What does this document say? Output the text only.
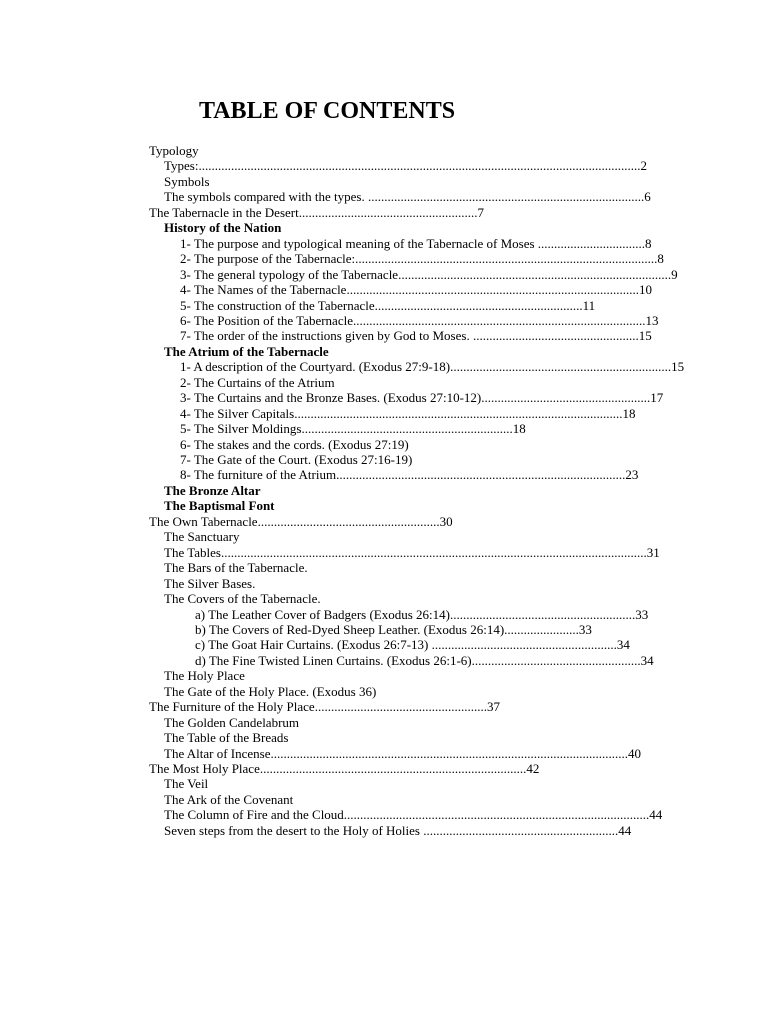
TABLE OF CONTENTS
Typology
Types:........................................................................................................................................2
Symbols
The symbols compared with the types. .....................................................................................6
The Tabernacle in the Desert.......................................................7
History of the Nation
1- The purpose and typological meaning of the Tabernacle of Moses .................................8
2- The purpose of the Tabernacle:.............................................................................................8
3- The general typology of the Tabernacle....................................................................................9
4- The Names of the Tabernacle..........................................................................................10
5- The construction of the Tabernacle................................................................11
6- The Position of the Tabernacle..........................................................................................13
7- The order of the instructions given by God to Moses. ...................................................15
The Atrium of the Tabernacle
1- A description of the Courtyard. (Exodus 27:9-18)....................................................................15
2- The Curtains of the Atrium
3- The Curtains and the Bronze Bases. (Exodus 27:10-12)....................................................17
4- The Silver Capitals.....................................................................................................18
5- The Silver Moldings.................................................................18
6- The stakes and the cords. (Exodus 27:19)
7- The Gate of the Court. (Exodus 27:16-19)
8- The furniture of the Atrium.........................................................................................23
The Bronze Altar
The Baptismal Font
The Own Tabernacle........................................................30
The Sanctuary
The Tables...................................................................................................................................31
The Bars of the Tabernacle.
The Silver Bases.
The Covers of the Tabernacle.
a) The Leather Cover of Badgers (Exodus 26:14).........................................................33
b) The Covers of Red-Dyed Sheep Leather. (Exodus 26:14).......................33
c) The Goat Hair Curtains. (Exodus 26:7-13) .........................................................34
d) The Fine Twisted Linen Curtains. (Exodus 26:1-6)....................................................34
The Holy Place
The Gate of the Holy Place. (Exodus 36)
The Furniture of the Holy Place.....................................................37
The Golden Candelabrum
The Table of the Breads
The Altar of Incense..............................................................................................................40
The Most Holy Place..................................................................................42
The Veil
The Ark of the Covenant
The Column of Fire and the Cloud..............................................................................................44
Seven steps from the desert to the Holy of Holies ............................................................44
